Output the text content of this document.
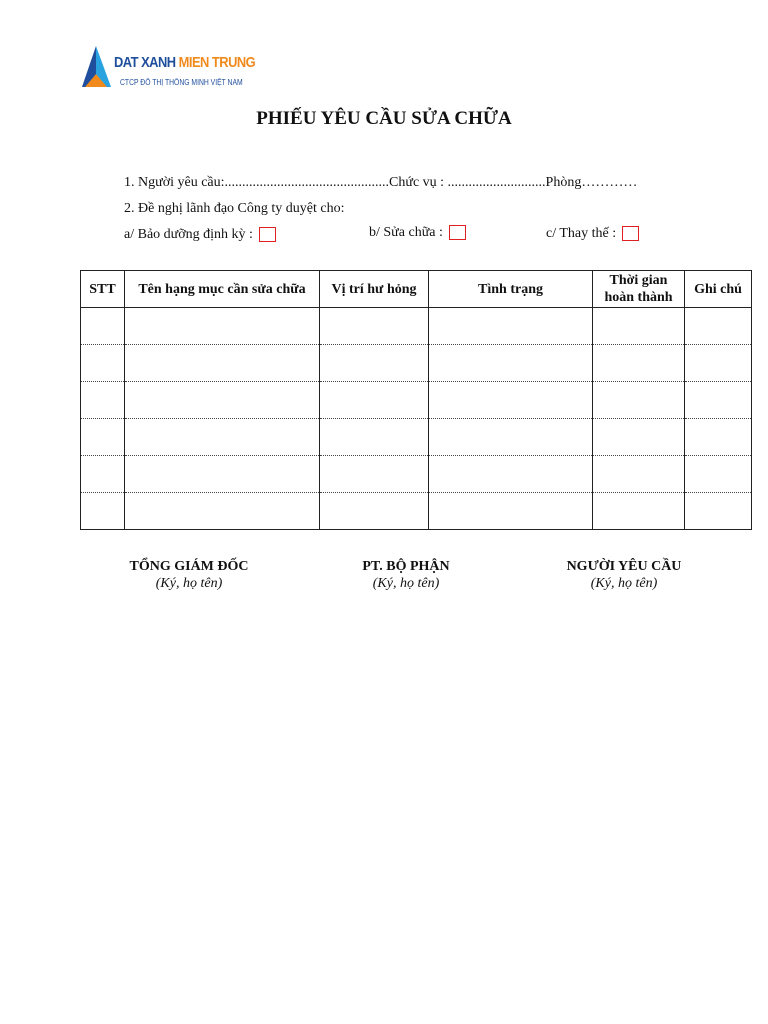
DAT XANH MIEN TRUNG
CTCP ĐÔ THỊ THÔNG MINH VIỆT NAM
PHIẾU YÊU CẦU SỬA CHỮA
1. Người yêu cầu:...............................................Chức vụ : ............................Phòng…………
2. Đề nghị lãnh đạo Công ty duyệt cho:
a/ Bảo dưỡng định kỳ :	b/ Sửa chữa :	c/ Thay thế :
STT	Tên hạng mục cần sửa chữa	Vị trí hư hỏng	Tình trạng	Thời gian hoàn thành	Ghi chú

TỔNG GIÁM ĐỐC
(Ký, họ tên)
PT. BỘ PHẬN
(Ký, họ tên)
NGƯỜI YÊU CẦU
(Ký, họ tên)
